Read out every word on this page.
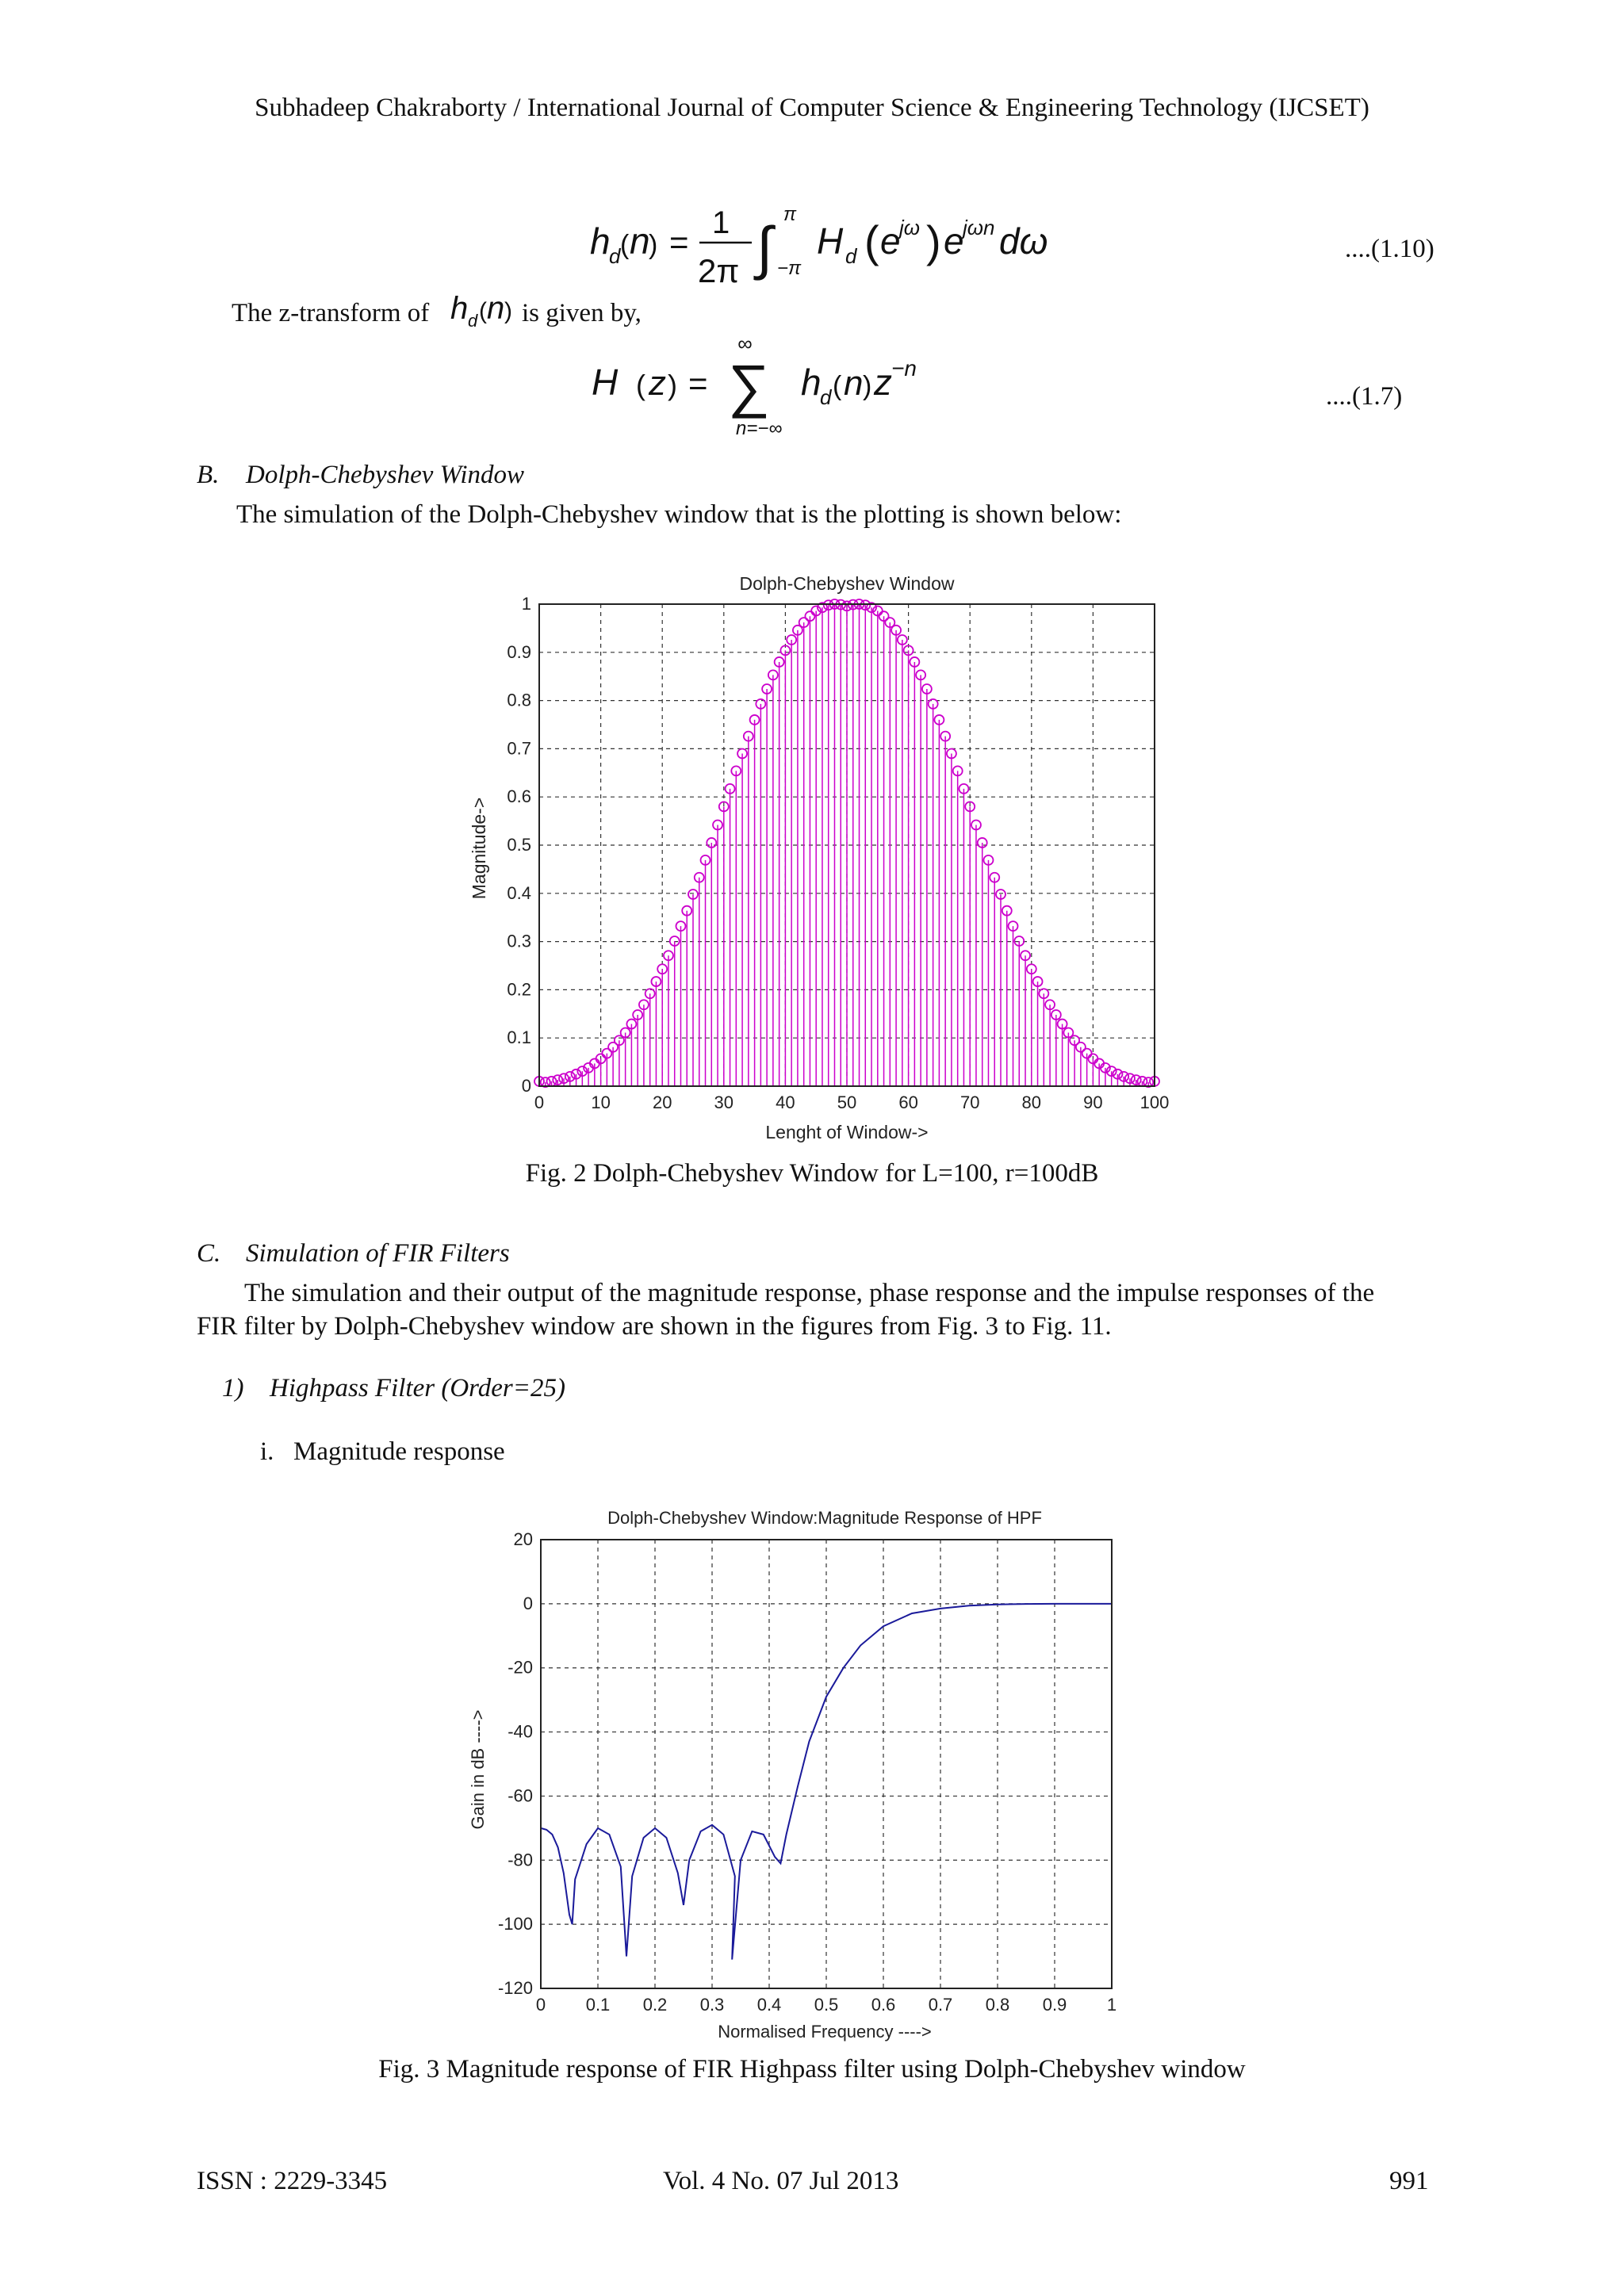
Subhadeep Chakraborty / International Journal of Computer Science & Engineering Technology (IJCSET)
h
d ( n
) =
1
2π ∫
π
−π
H d ( e
jω ) e
jωn dω	....(1.10)
The z-transform of h d ( n ) is given by,
H ( z ) =
∞
∑
n=−∞
h
d ( n ) z −n
....(1.7)
B. Dolph-Chebyshev Window
The simulation of the Dolph-Chebyshev window that is the plotting is shown below:
Dolph-Chebyshev Window
Lenght of Window->
Magnitude->
0	10 20 30 40 50 60 70 80 90 100
0
0.1
0.2
0.3
0.4
0.5
0.6
0.7
0.8
0.9
1
Fig. 2 Dolph-Chebyshev Window for L=100, r=100dB
C. Simulation of FIR Filters
The simulation and their output of the magnitude response, phase response and the impulse responses of the
FIR filter by Dolph-Chebyshev window are shown in the figures from Fig. 3 to Fig. 11.
1) Highpass Filter (Order=25)
i. Magnitude response
Dolph-Chebyshev Window:Magnitude Response of HPF
Normalised Frequency ---->
Gain in dB ---->
0 0.1 0.2 0.3 0.4 0.5 0.6 0.7 0.8 0.9 1
-120
-100
-80
-60
-40
-20
0
20
Fig. 3 Magnitude response of FIR Highpass filter using Dolph-Chebyshev window
ISSN : 2229-3345	Vol. 4 No. 07 Jul 2013	991
